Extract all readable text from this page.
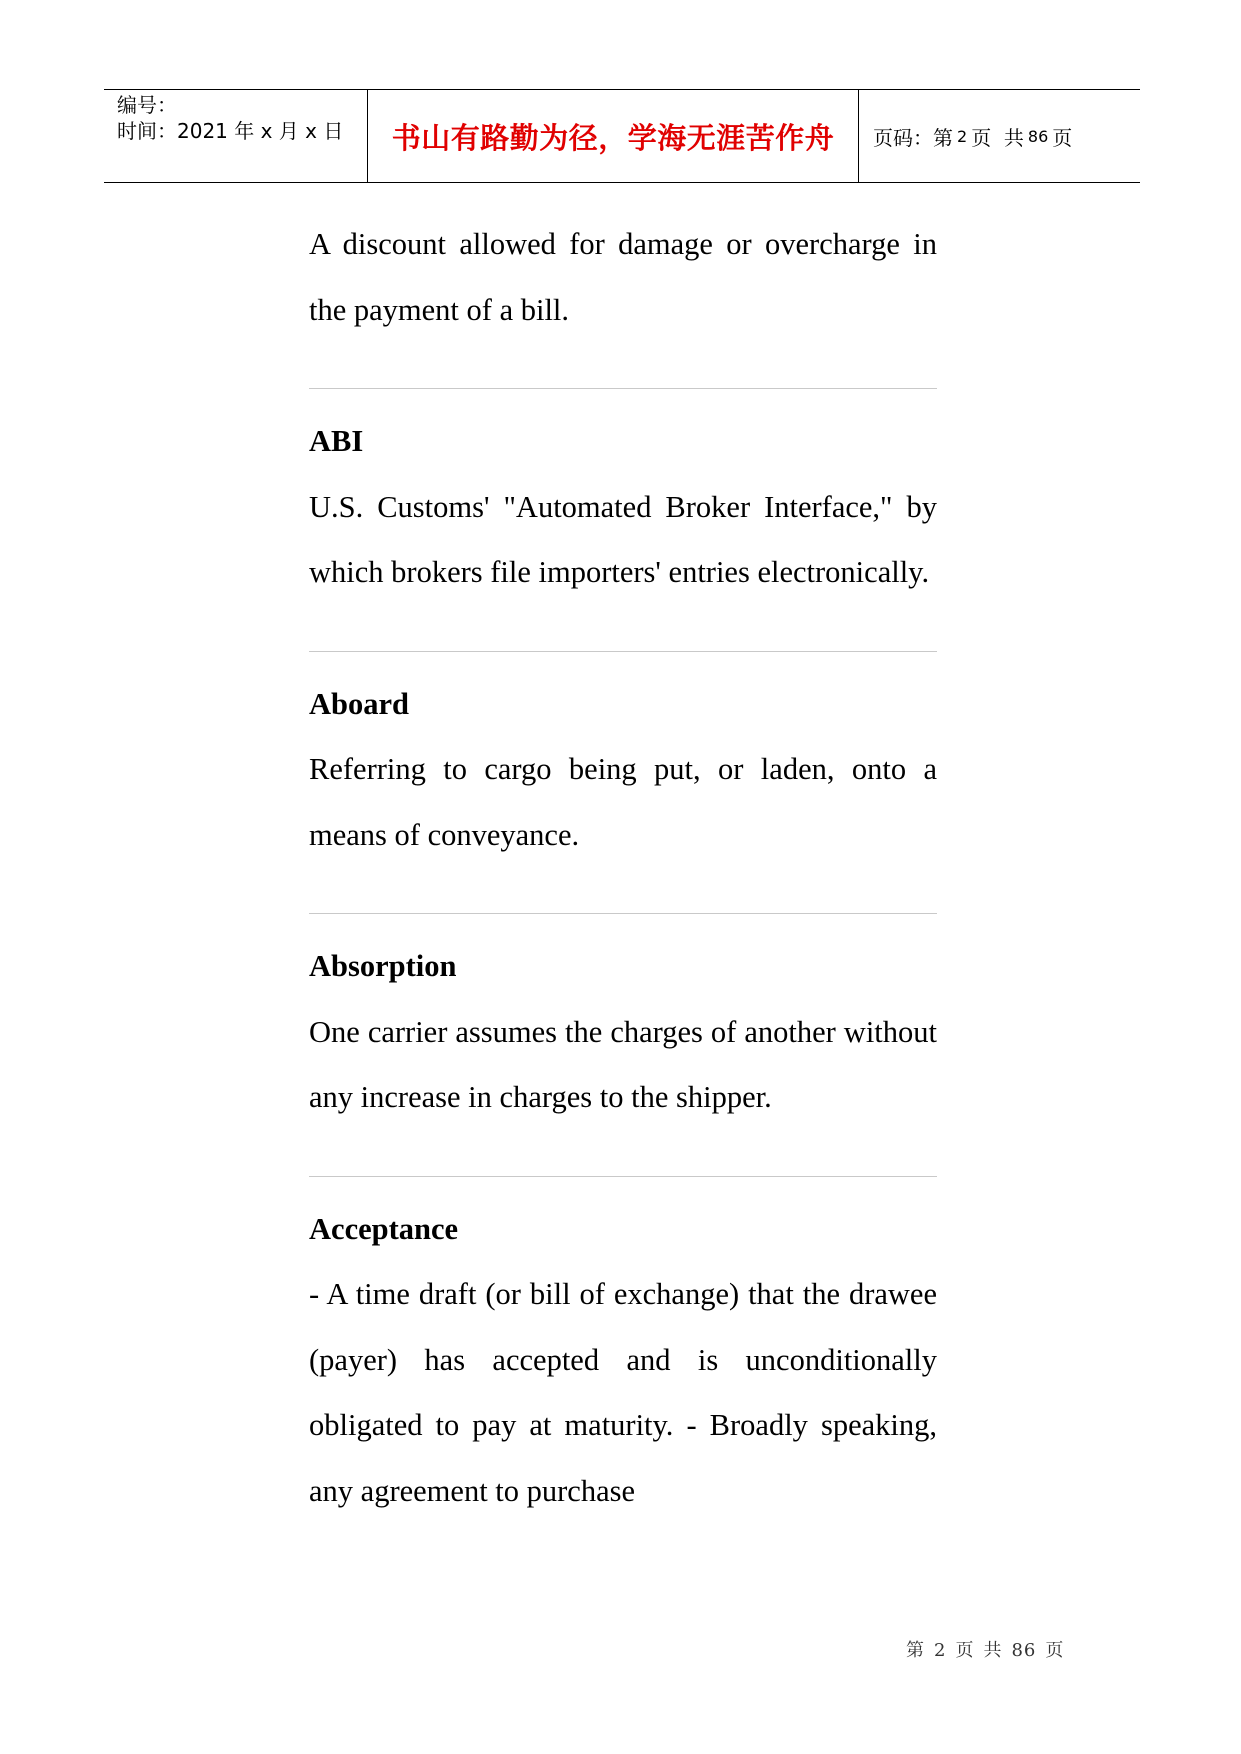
编号：
时间：2021 年 x 月 x 日	书山有路勤为径，学海无涯苦作舟 页码：第 2 页  共 86 页

A discount allowed for damage or overcharge in the payment of a bill.

ABI

U.S. Customs' "Automated Broker Interface," by which brokers file importers' entries electronically.

Aboard

Referring to cargo being put, or laden, onto a means of conveyance.

Absorption

One carrier assumes the charges of another without any increase in charges to the shipper.

Acceptance

- A time draft (or bill of exchange) that the drawee (payer) has accepted and is unconditionally obligated to pay at maturity. - Broadly speaking, any agreement to purchase

第 2 页 共 86 页
